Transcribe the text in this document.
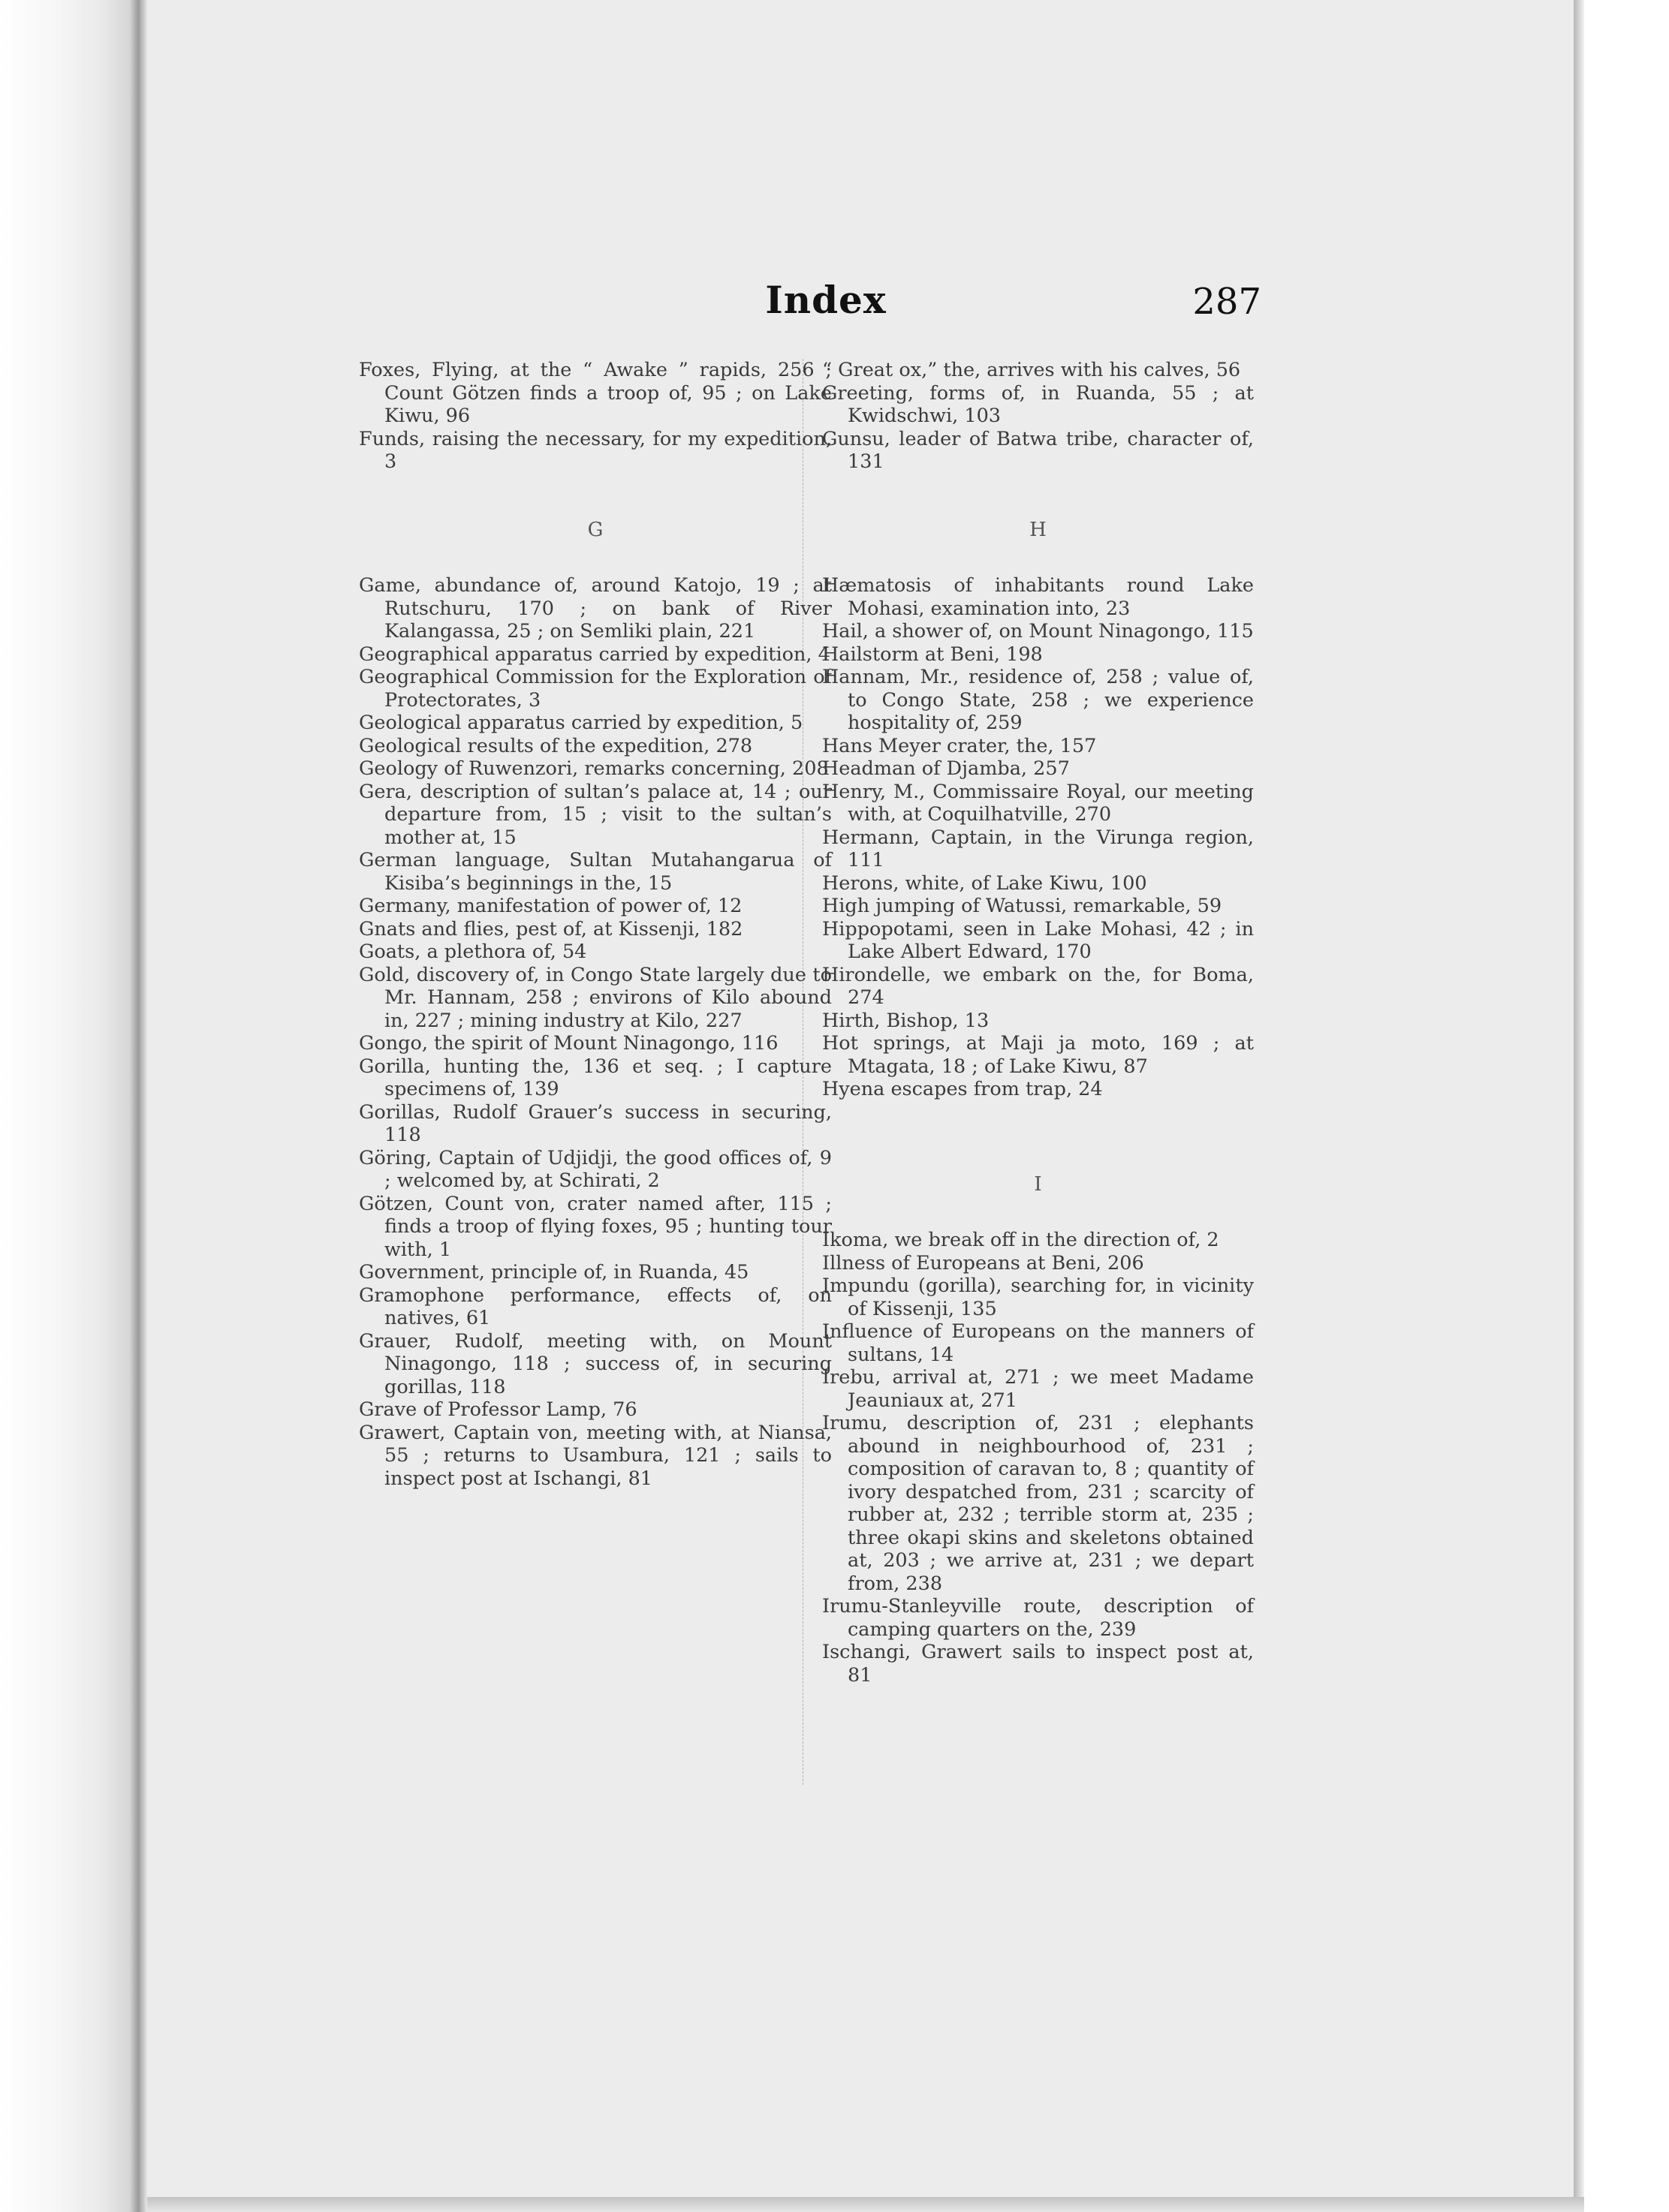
Index	287

Foxes, Flying, at the “ Awake ” rapids, 256 ; Count Götzen finds a troop of, 95 ; on Lake Kiwu, 96

Funds, raising the necessary, for my expedition, 3

G

Game, abundance of, around Katojo, 19 ; at Rutschuru, 170 ; on bank of River Kalangassa, 25 ; on Semliki plain, 221

Geographical apparatus carried by expedition, 4

Geographical Commission for the Exploration of Protectorates, 3

Geological apparatus carried by expedition, 5

Geological results of the expedition, 278

Geology of Ruwenzori, remarks concerning, 208

Gera, description of sultan’s palace at, 14 ; our departure from, 15 ; visit to the sultan’s mother at, 15

German language, Sultan Mutahangarua of Kisiba’s beginnings in the, 15

Germany, manifestation of power of, 12

Gnats and flies, pest of, at Kissenji, 182

Goats, a plethora of, 54

Gold, discovery of, in Congo State largely due to Mr. Hannam, 258 ; environs of Kilo abound in, 227 ; mining industry at Kilo, 227

Gongo, the spirit of Mount Ninagongo, 116

Gorilla, hunting the, 136 et seq. ; I capture specimens of, 139

Gorillas, Rudolf Grauer’s success in securing, 118

Göring, Captain of Udjidji, the good offices of, 9 ; welcomed by, at Schirati, 2

Götzen, Count von, crater named after, 115 ; finds a troop of flying foxes, 95 ; hunting tour with, 1

Government, principle of, in Ruanda, 45

Gramophone performance, effects of, on natives, 61

Grauer, Rudolf, meeting with, on Mount Ninagongo, 118 ; success of, in securing gorillas, 118

Grave of Professor Lamp, 76

Grawert, Captain von, meeting with, at Niansa, 55 ; returns to Usambura, 121 ; sails to inspect post at Ischangi, 81

“ Great ox,” the, arrives with his calves, 56

Greeting, forms of, in Ruanda, 55 ; at Kwidschwi, 103

Gunsu, leader of Batwa tribe, character of, 131

H

Hæmatosis of inhabitants round Lake Mohasi, examination into, 23

Hail, a shower of, on Mount Ninagongo, 115

Hailstorm at Beni, 198

Hannam, Mr., residence of, 258 ; value of, to Congo State, 258 ; we experience hospitality of, 259

Hans Meyer crater, the, 157

Headman of Djamba, 257

Henry, M., Commissaire Royal, our meeting with, at Coquilhatville, 270

Hermann, Captain, in the Virunga region, 111

Herons, white, of Lake Kiwu, 100

High jumping of Watussi, remarkable, 59

Hippopotami, seen in Lake Mohasi, 42 ; in Lake Albert Edward, 170

Hirondelle, we embark on the, for Boma, 274

Hirth, Bishop, 13

Hot springs, at Maji ja moto, 169 ; at Mtagata, 18 ; of Lake Kiwu, 87

Hyena escapes from trap, 24

I

Ikoma, we break off in the direction of, 2

Illness of Europeans at Beni, 206

Impundu (gorilla), searching for, in vicinity of Kissenji, 135

Influence of Europeans on the manners of sultans, 14

Irebu, arrival at, 271 ; we meet Madame Jeauniaux at, 271

Irumu, description of, 231 ; elephants abound in neighbourhood of, 231 ; composition of caravan to, 8 ; quantity of ivory despatched from, 231 ; scarcity of rubber at, 232 ; terrible storm at, 235 ; three okapi skins and skeletons obtained at, 203 ; we arrive at, 231 ; we depart from, 238

Irumu-Stanleyville route, description of camping quarters on the, 239

Ischangi, Grawert sails to inspect post at, 81
